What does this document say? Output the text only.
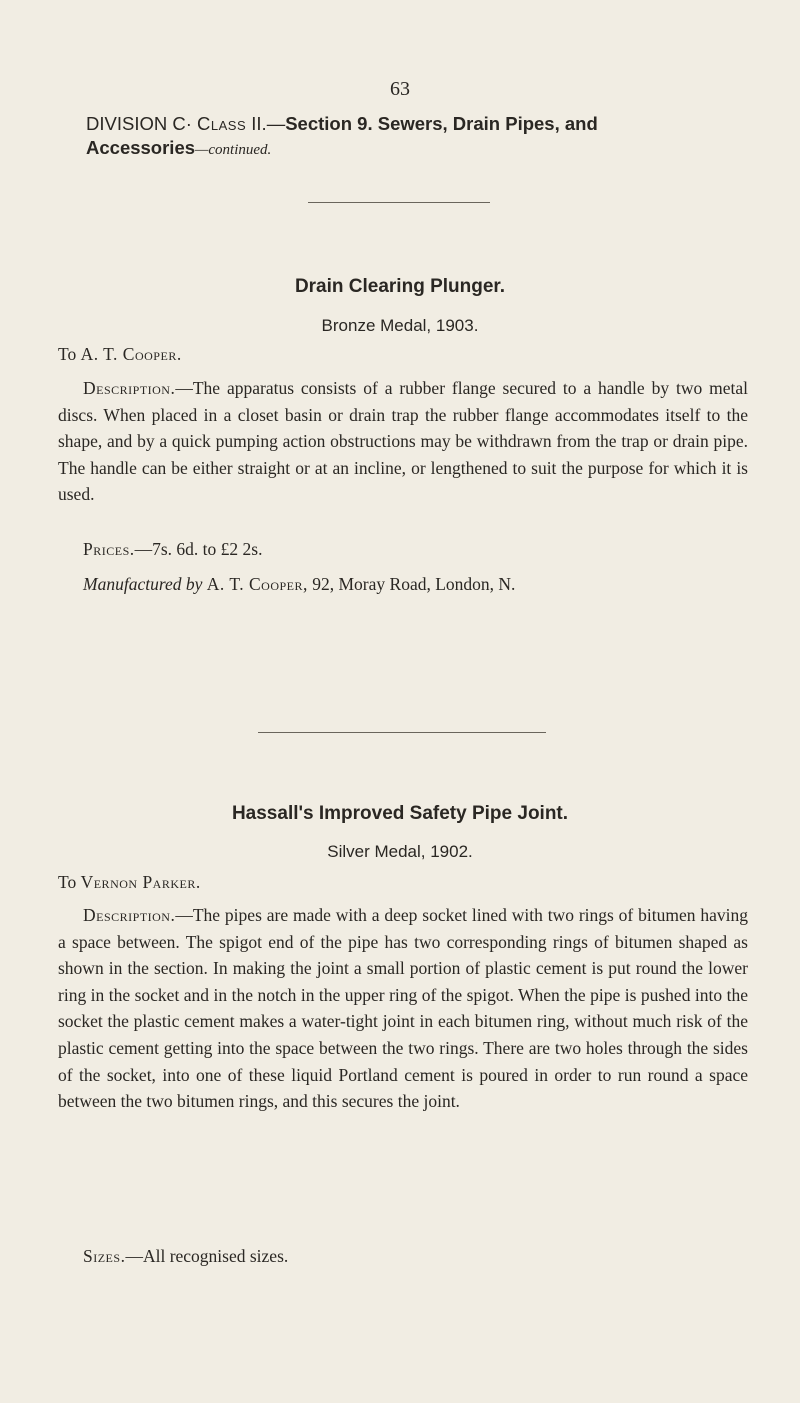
63
DIVISION C· Class II.—Section 9. Sewers, Drain Pipes, and
Accessories—continued.
Drain Clearing Plunger.
Bronze Medal, 1903.
To A. T. Cooper.
Description.—The apparatus consists of a rubber flange secured to a handle by two metal discs. When placed in a closet basin or drain trap the rubber flange accommodates itself to the shape, and by a quick pumping action obstructions may be withdrawn from the trap or drain pipe. The handle can be either straight or at an incline, or lengthened to suit the purpose for which it is used.
Prices.—7s. 6d. to £2 2s.
Manufactured by A. T. Cooper, 92, Moray Road, London, N.
Hassall's Improved Safety Pipe Joint.
Silver Medal, 1902.
To Vernon Parker.
Description.—The pipes are made with a deep socket lined with two rings of bitumen having a space between. The spigot end of the pipe has two corresponding rings of bitumen shaped as shown in the section. In making the joint a small portion of plastic cement is put round the lower ring in the socket and in the notch in the upper ring of the spigot. When the pipe is pushed into the socket the plastic cement makes a water-tight joint in each bitumen ring, without much risk of the plastic cement getting into the space between the two rings. There are two holes through the sides of the socket, into one of these liquid Portland cement is poured in order to run round a space between the two bitumen rings, and this secures the joint.
Sizes.—All recognised sizes.
